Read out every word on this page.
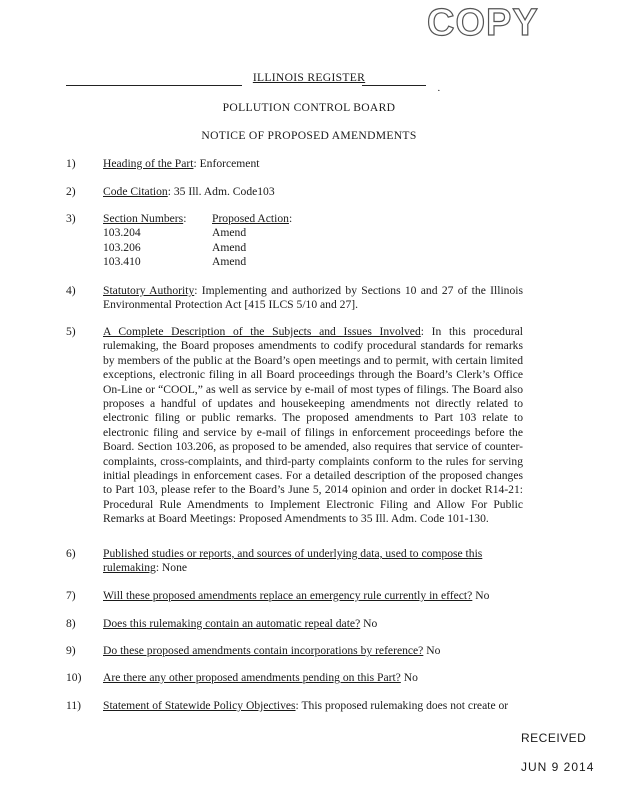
COPY
·
ILLINOIS REGISTER
POLLUTION CONTROL BOARD
NOTICE OF PROPOSED AMENDMENTS
1) Heading of the Part: Enforcement
2) Code Citation: 35 Ill. Adm. Code103
3) Section Numbers:
103.204
103.206
103.410
Proposed Action:
Amend
Amend
Amend
4) Statutory Authority: Implementing and authorized by Sections 10 and 27 of the Illinois Environmental Protection Act [415 ILCS 5/10 and 27].
5) A Complete Description of the Subjects and Issues Involved: In this procedural rulemaking, the Board proposes amendments to codify procedural standards for remarks by members of the public at the Board’s open meetings and to permit, with certain limited exceptions, electronic filing in all Board proceedings through the Board’s Clerk’s Office On-Line or “COOL,” as well as service by e-mail of most types of filings. The Board also proposes a handful of updates and housekeeping amendments not directly related to electronic filing or public remarks. The proposed amendments to Part 103 relate to electronic filing and service by e-mail of filings in enforcement proceedings before the Board. Section 103.206, as proposed to be amended, also requires that service of counter-complaints, cross-complaints, and third-party complaints conform to the rules for serving initial pleadings in enforcement cases. For a detailed description of the proposed changes to Part 103, please refer to the Board’s June 5, 2014 opinion and order in docket R14-21: Procedural Rule Amendments to Implement Electronic Filing and Allow For Public Remarks at Board Meetings: Proposed Amendments to 35 Ill. Adm. Code 101-130.
6) Published studies or reports, and sources of underlying data, used to compose this rulemaking: None
7) Will these proposed amendments replace an emergency rule currently in effect? No
8) Does this rulemaking contain an automatic repeal date? No
9) Do these proposed amendments contain incorporations by reference? No
10) Are there any other proposed amendments pending on this Part? No
11) Statement of Statewide Policy Objectives: This proposed rulemaking does not create or
RECEIVED
JUN 9 2014
